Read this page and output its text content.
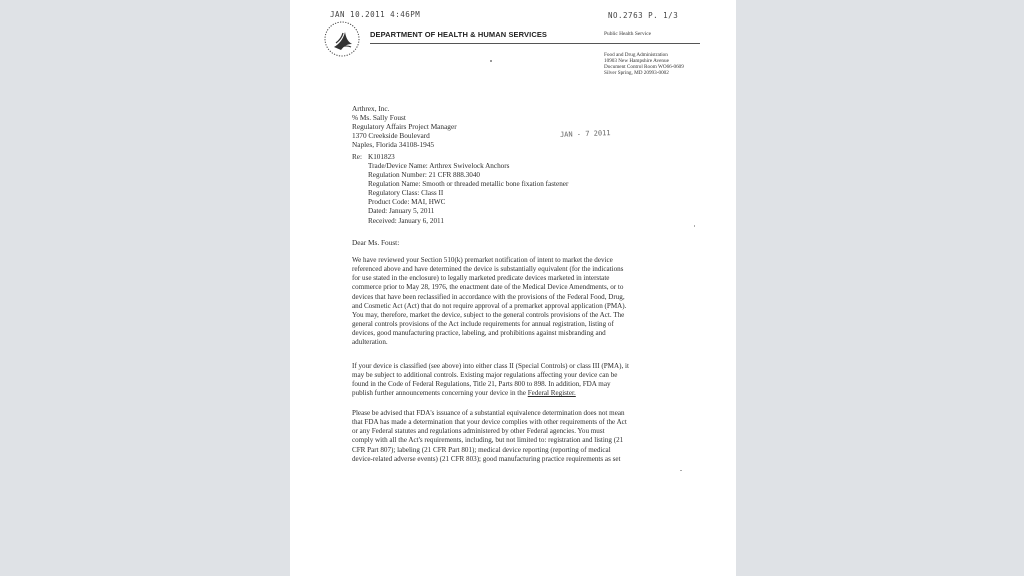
JAN 10.2011 4:46PM	NO.2763 P. 1/3
DEPARTMENT OF HEALTH & HUMAN SERVICES	Public Health Service
Food and Drug Administration
10903 New Hampshire Avenue
Document Control Room WO66-0609
Silver Spring, MD 20993-0002
Arthrex, Inc.
% Ms. Sally Foust
Regulatory Affairs Project Manager
1370 Creekside Boulevard
Naples, Florida 34108-1945
JAN - 7 2011
Re: K101823
Trade/Device Name: Arthrex Swivelock Anchors
Regulation Number: 21 CFR 888.3040
Regulation Name: Smooth or threaded metallic bone fixation fastener
Regulatory Class: Class II
Product Code: MAI, HWC
Dated: January 5, 2011
Received: January 6, 2011
Dear Ms. Foust:
We have reviewed your Section 510(k) premarket notification of intent to market the device
referenced above and have determined the device is substantially equivalent (for the indications
for use stated in the enclosure) to legally marketed predicate devices marketed in interstate
commerce prior to May 28, 1976, the enactment date of the Medical Device Amendments, or to
devices that have been reclassified in accordance with the provisions of the Federal Food, Drug,
and Cosmetic Act (Act) that do not require approval of a premarket approval application (PMA).
You may, therefore, market the device, subject to the general controls provisions of the Act. The
general controls provisions of the Act include requirements for annual registration, listing of
devices, good manufacturing practice, labeling, and prohibitions against misbranding and
adulteration.
If your device is classified (see above) into either class II (Special Controls) or class III (PMA), it
may be subject to additional controls. Existing major regulations affecting your device can be
found in the Code of Federal Regulations, Title 21, Parts 800 to 898. In addition, FDA may
publish further announcements concerning your device in the Federal Register.
Please be advised that FDA's issuance of a substantial equivalence determination does not mean
that FDA has made a determination that your device complies with other requirements of the Act
or any Federal statutes and regulations administered by other Federal agencies. You must
comply with all the Act's requirements, including, but not limited to: registration and listing (21
CFR Part 807); labeling (21 CFR Part 801); medical device reporting (reporting of medical
device-related adverse events) (21 CFR 803); good manufacturing practice requirements as set
